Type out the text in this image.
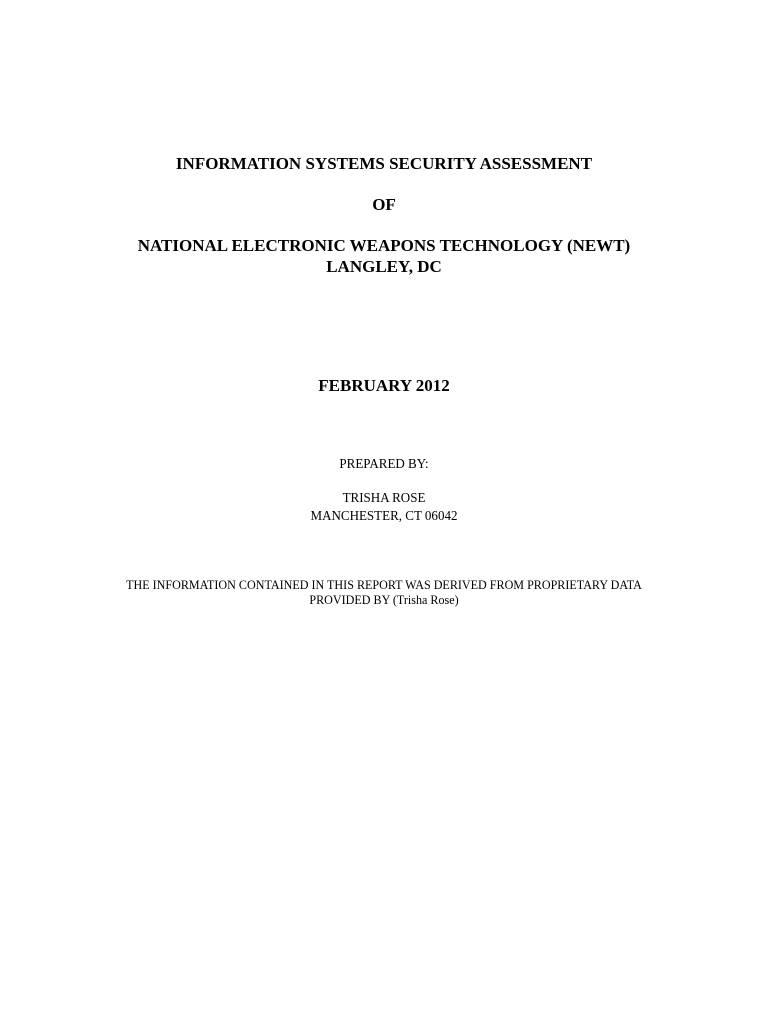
INFORMATION SYSTEMS SECURITY ASSESSMENT
OF
NATIONAL ELECTRONIC WEAPONS TECHNOLOGY (NEWT)
LANGLEY, DC
FEBRUARY 2012
PREPARED BY:
TRISHA ROSE
MANCHESTER, CT 06042
THE INFORMATION CONTAINED IN THIS REPORT WAS DERIVED FROM PROPRIETARY DATA
PROVIDED BY (Trisha Rose)
